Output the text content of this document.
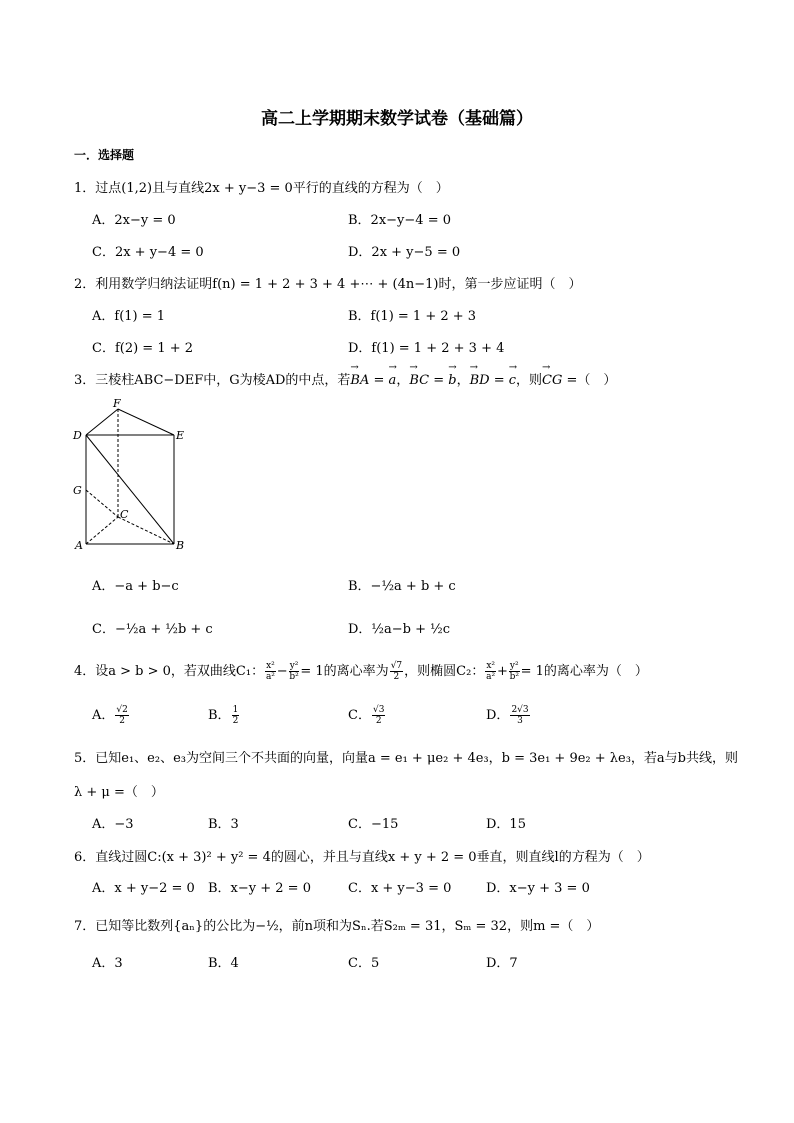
高二上学期期末数学试卷（基础篇）
一．选择题
1．过点(1,2)且与直线2x + y−3 = 0平行的直线的方程为（　）
A．2x−y = 0	B．2x−y−4 = 0
C．2x + y−4 = 0	D．2x + y−5 = 0
2．利用数学归纳法证明f(n) = 1 + 2 + 3 + 4 +⋯ + (4n−1)时，第一步应证明（　）
A．f(1) = 1	B．f(1) = 1 + 2 + 3
C．f(2) = 1 + 2	D．f(1) = 1 + 2 + 3 + 4
3．三棱柱ABC−DEF中，G为棱AD的中点，若→ BA = → a，→ BC = → b，→ BD = → c，则→ CG =（　）
F
D	E
G
C
A	B
A．−a + b−c	B．−½a + b + c
C．−½a + ½b + c	D．½a−b + ½c
4．设a > b > 0，若双曲线C₁： $\frac{\text{x²}}{\text{a²}} - \frac{\text{y²}}{\text{b²}} = 1$的离心率为 $\frac{√7}{2}$ ，则椭圆C₂： $\frac{\text{x²}}{\text{a²}} + \frac{\text{y²}}{\text{b²}} = 1$的离心率为（　）
A． $\frac{√2}{2}$	B． $\frac{1}{2}$	C． $\frac{√3}{2}$	D． $\frac{2√3}{3}$
5．已知e₁、e₂、e₃为空间三个不共面的向量，向量a = e₁ + μe₂ + 4e₃，b = 3e₁ + 9e₂ + λe₃，若a与b共线，则
λ + μ =（　）
A．−3	B．3	C．−15	D．15
6．直线过圆C:(x + 3)² + y² = 4的圆心，并且与直线x + y + 2 = 0垂直，则直线l的方程为（　）
A．x + y−2 = 0 B．x−y + 2 = 0	C．x + y−3 = 0	D．x−y + 3 = 0
7．已知等比数列{aₙ}的公比为−½，前n项和为Sₙ.若S₂ₘ = 31，Sₘ = 32，则m =（　）
A．3	B．4	C．5	D．7
